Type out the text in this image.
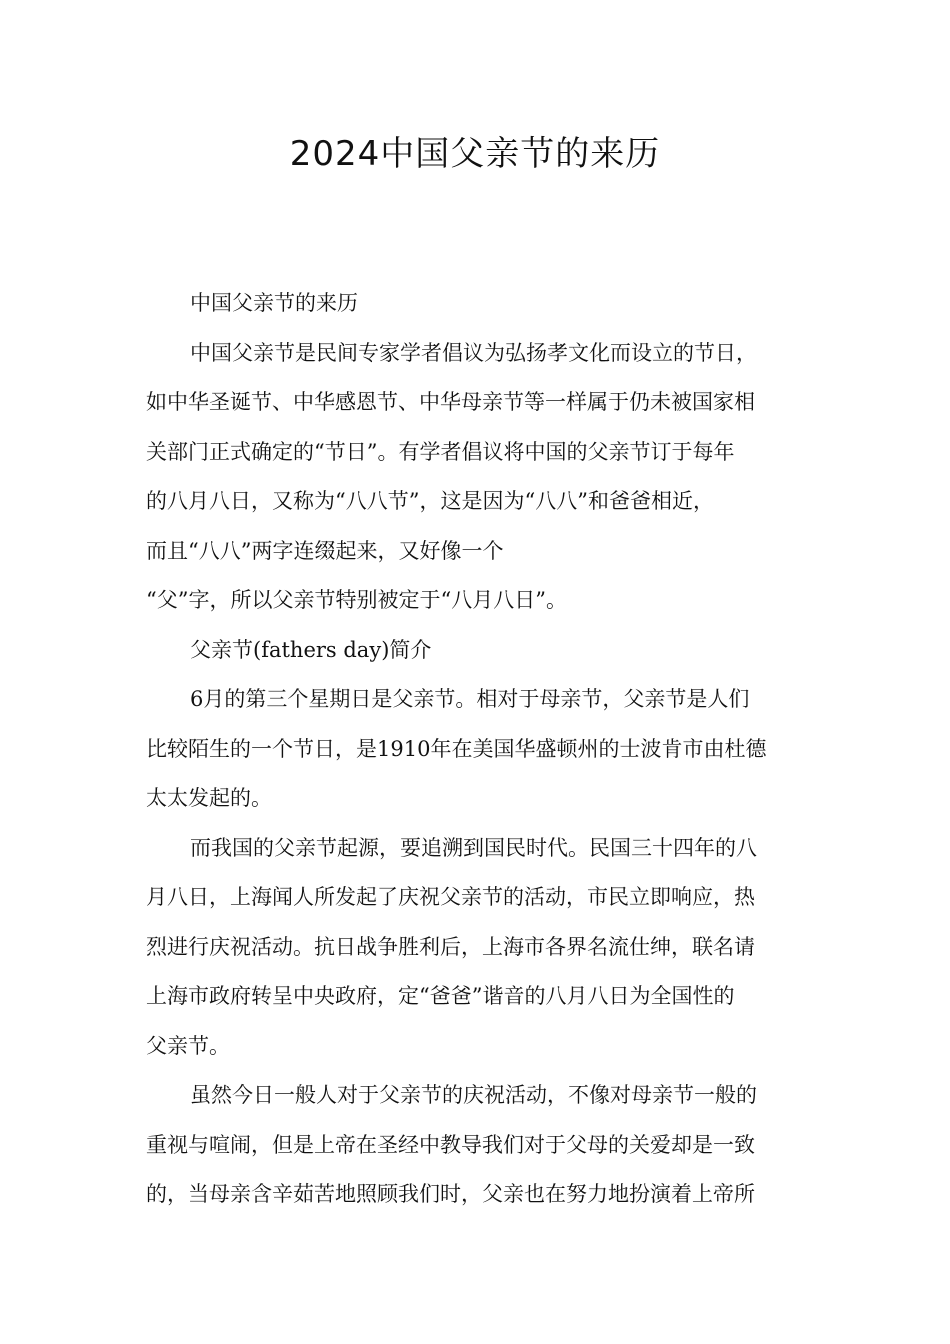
2024中国父亲节的来历

中国父亲节的来历

中国父亲节是民间专家学者倡议为弘扬孝文化而设立的节日，
如中华圣诞节、中华感恩节、中华母亲节等一样属于仍未被国家相
关部门正式确定的“节日”。有学者倡议将中国的父亲节订于每年
的八月八日，又称为“八八节”，这是因为“八八”和爸爸相近，
而且“八八”两字连缀起来，又好像一个
“父”字，所以父亲节特别被定于“八月八日”。

父亲节(fathers day)简介

6月的第三个星期日是父亲节。相对于母亲节，父亲节是人们
比较陌生的一个节日，是1910年在美国华盛顿州的士波肯市由杜德
太太发起的。

而我国的父亲节起源，要追溯到国民时代。民国三十四年的八
月八日，上海闻人所发起了庆祝父亲节的活动，市民立即响应，热
烈进行庆祝活动。抗日战争胜利后，上海市各界名流仕绅，联名请
上海市政府转呈中央政府，定“爸爸”谐音的八月八日为全国性的
父亲节。

虽然今日一般人对于父亲节的庆祝活动，不像对母亲节一般的
重视与喧闹，但是上帝在圣经中教导我们对于父母的关爱却是一致
的，当母亲含辛茹苦地照顾我们时，父亲也在努力地扮演着上帝所
